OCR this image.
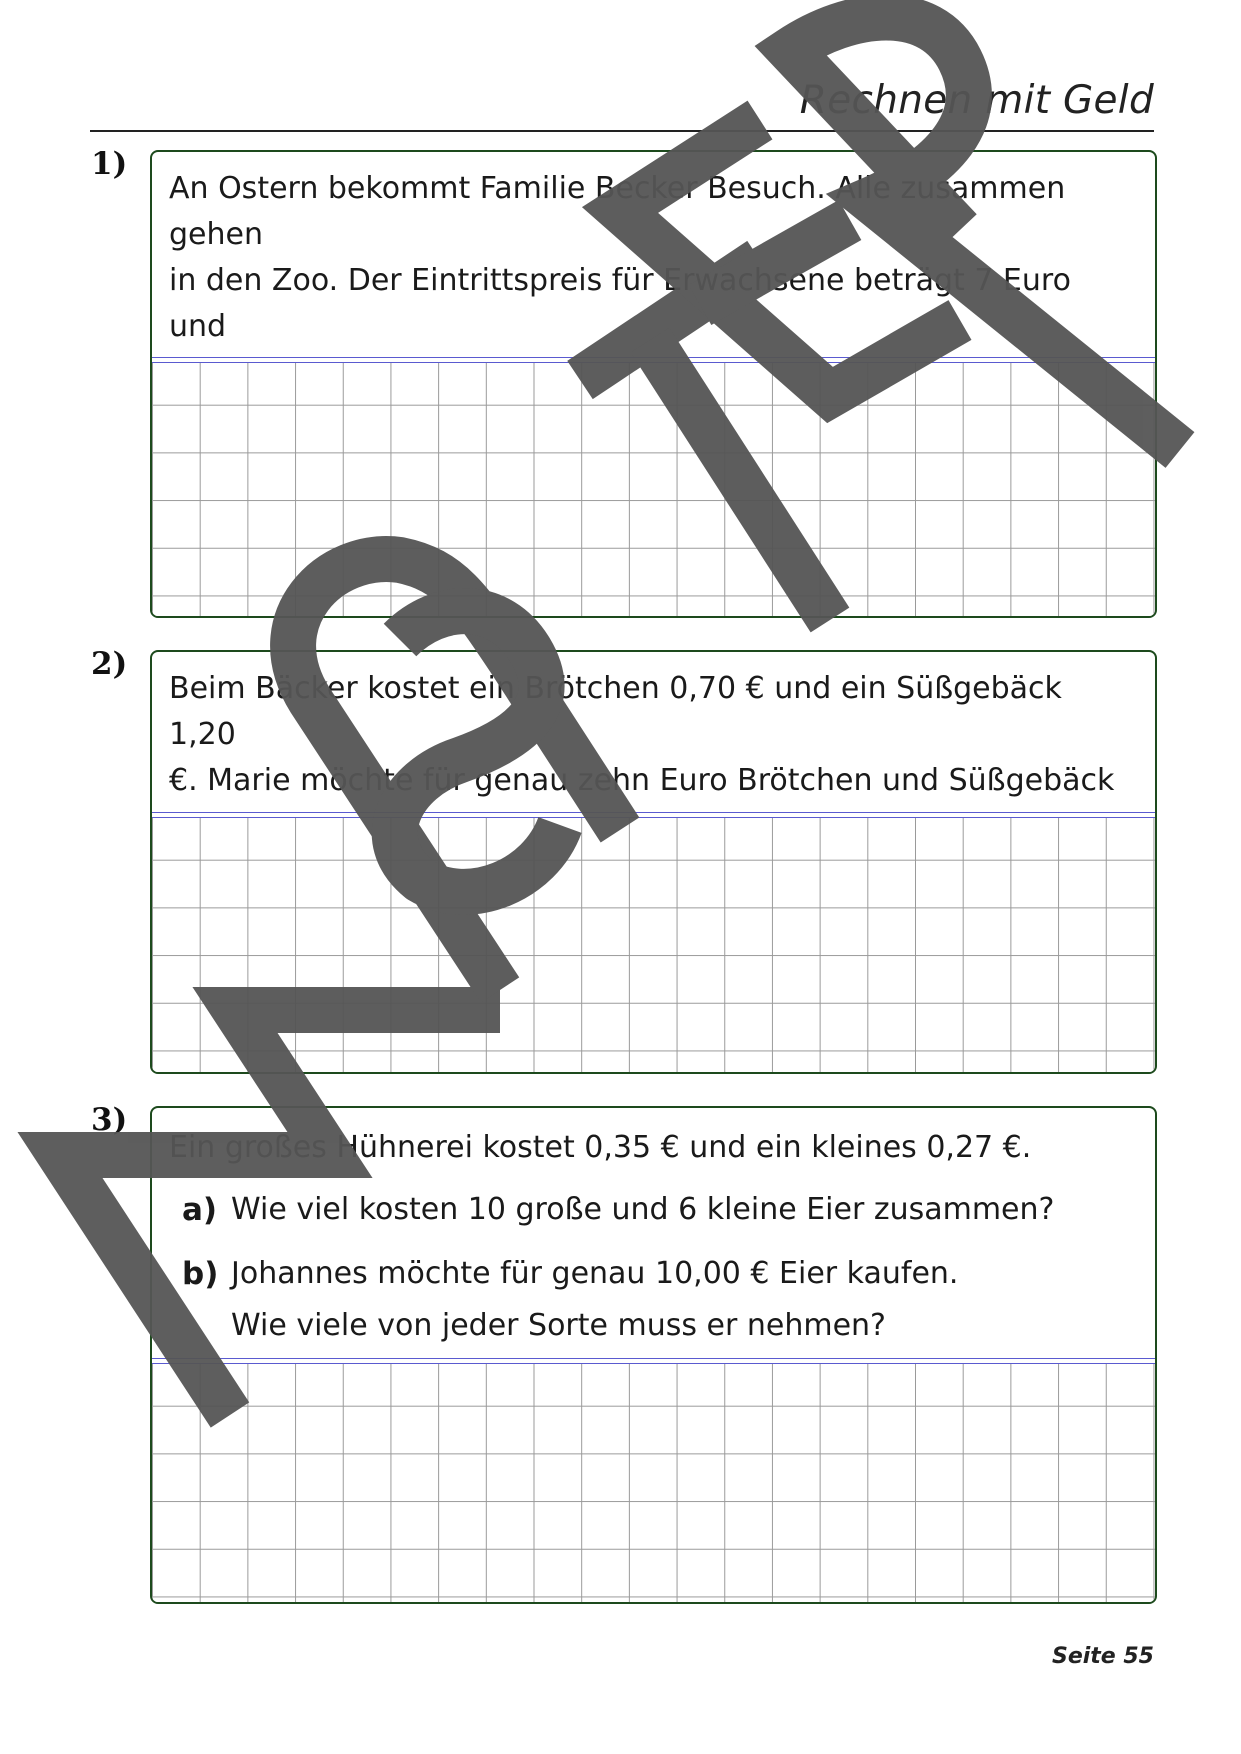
Rechnen mit Geld
1)

An Ostern bekommt Familie Becker Besuch. Alle zusammen gehen

in den Zoo. Der Eintrittspreis für Erwachsene beträgt 7 Euro und

2)

Beim Bäcker kostet ein Brötchen 0,70 € und ein Süßgebäck 1,20

€. Marie möchte für genau zehn Euro Brötchen und Süßgebäck

3)

Ein großes Hühnerei kostet 0,35 € und ein kleines 0,27 €.

a) Wie viel kosten 10 große und 6 kleine Eier zusammen?

b) Johannes möchte für genau 10,00 € Eier kaufen.

Wie viele von jeder Sorte muss er nehmen?

Seite 55
